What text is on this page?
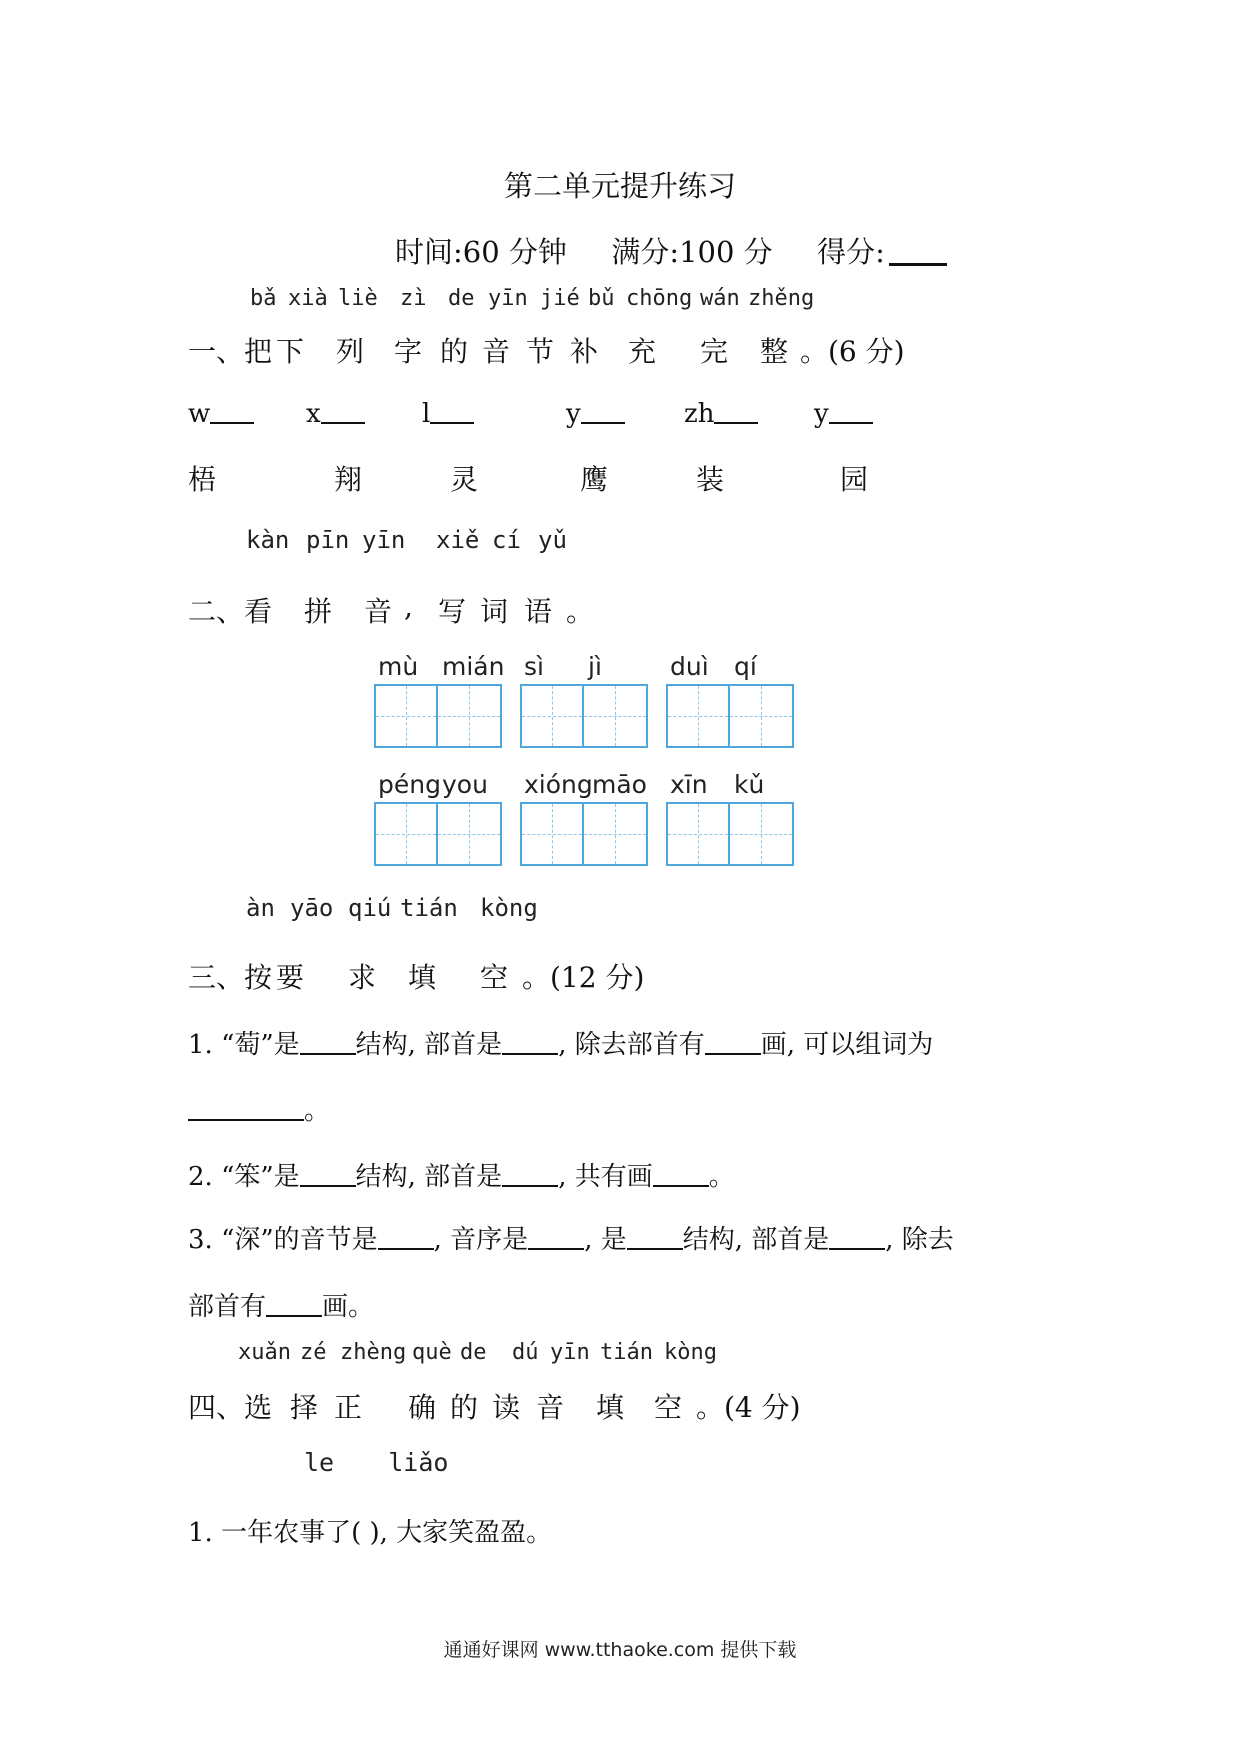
第二单元提升练习
时间:60 分钟 满分:100 分 得分:
bǎ xià liè zì de yīn jié bǔ chōng wán zhěng
一、把 下 列 字 的 音 节 补 充 完 整 。(6 分)
w	x	l	y	zh	y
梧	翔	灵	鹰	装	园
kàn pīn yīn xiě cí yǔ
二、看 拼 音 , 写 词 语 。
mù mián sì jì	duì qí
péng you xióng māo xīn kǔ
àn yāo qiú tián kòng
三、按 要 求 填 空 。(12 分)
1. “萄”是 结构, 部首是 , 除去部首有 画, 可以组词为
。
2. “笨”是 结构, 部首是 , 共有画 。
3. “深”的音节是 , 音序是 , 是 结构, 部首是 , 除去
部首有 画。
xuǎn zé zhèng què de dú yīn tián kòng
四、选 择 正 确 的 读 音 填 空 。(4 分)
le liǎo
1. 一年农事了( ), 大家笑盈盈。
通通好课网 www.tthaoke.com 提供下载
